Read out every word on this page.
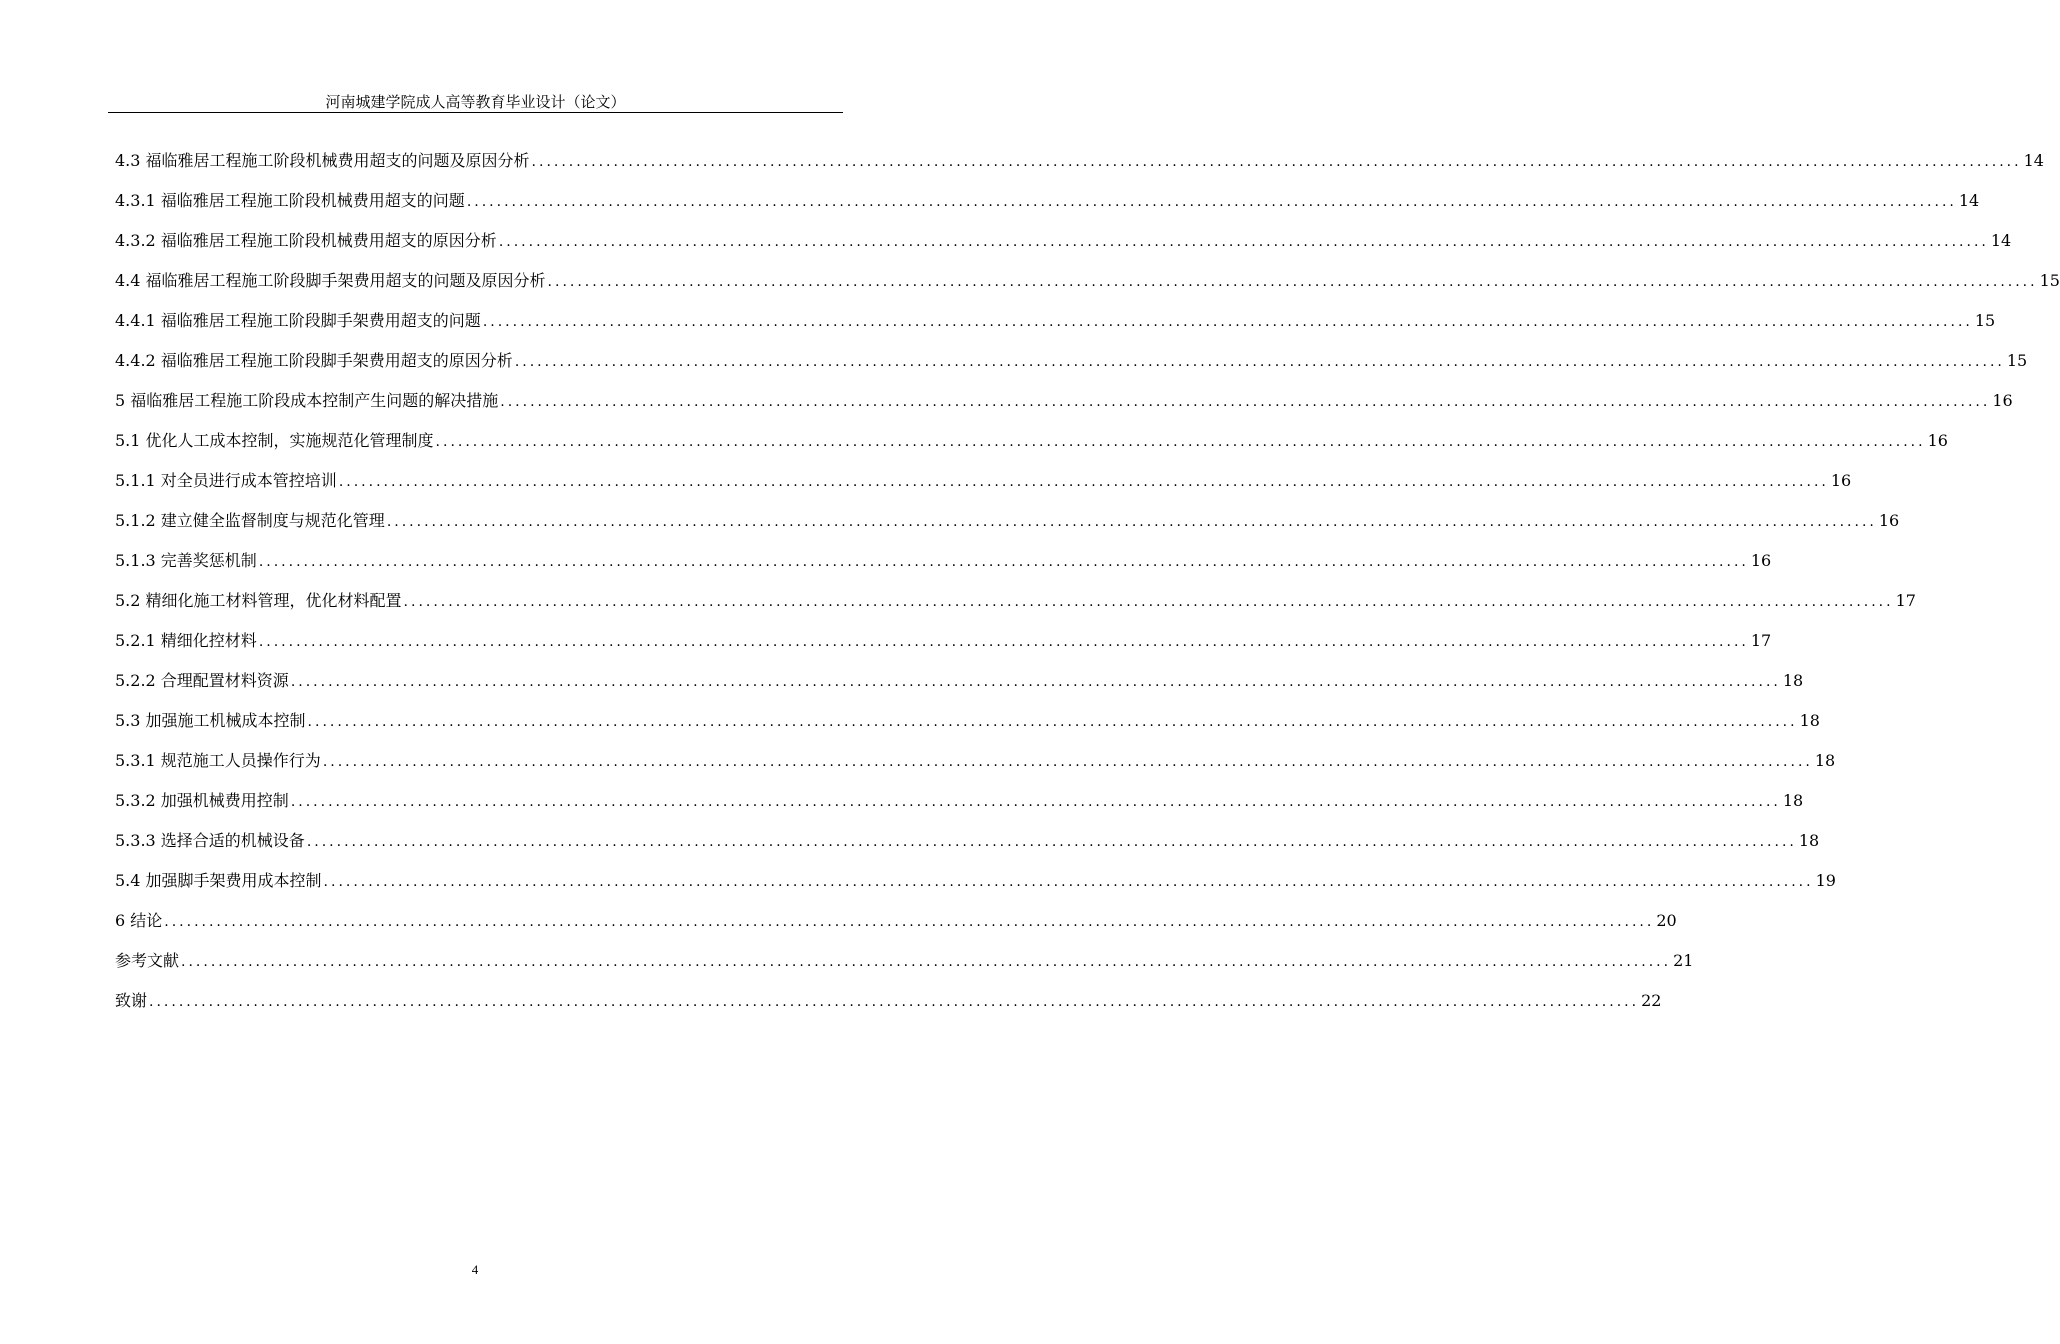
河南城建学院成人高等教育毕业设计（论文）
4.3 福临雅居工程施工阶段机械费用超支的问题及原因分析 ........................................................................................................................................................................................................ 14
4.3.1 福临雅居工程施工阶段机械费用超支的问题 ........................................................................................................................................................................................................ 14
4.3.2 福临雅居工程施工阶段机械费用超支的原因分析 ........................................................................................................................................................................................................ 14
4.4 福临雅居工程施工阶段脚手架费用超支的问题及原因分析 ........................................................................................................................................................................................................ 15
4.4.1 福临雅居工程施工阶段脚手架费用超支的问题 ........................................................................................................................................................................................................ 15
4.4.2 福临雅居工程施工阶段脚手架费用超支的原因分析 ........................................................................................................................................................................................................ 15
5 福临雅居工程施工阶段成本控制产生问题的解决措施 ........................................................................................................................................................................................................ 16
5.1 优化人工成本控制，实施规范化管理制度 ........................................................................................................................................................................................................ 16
5.1.1 对全员进行成本管控培训 ........................................................................................................................................................................................................ 16
5.1.2 建立健全监督制度与规范化管理 ........................................................................................................................................................................................................ 16
5.1.3 完善奖惩机制 ........................................................................................................................................................................................................ 16
5.2 精细化施工材料管理，优化材料配置 ........................................................................................................................................................................................................ 17
5.2.1 精细化控材料 ........................................................................................................................................................................................................ 17
5.2.2 合理配置材料资源 ........................................................................................................................................................................................................ 18
5.3 加强施工机械成本控制 ........................................................................................................................................................................................................ 18
5.3.1 规范施工人员操作行为 ........................................................................................................................................................................................................ 18
5.3.2 加强机械费用控制 ........................................................................................................................................................................................................ 18
5.3.3 选择合适的机械设备 ........................................................................................................................................................................................................ 18
5.4 加强脚手架费用成本控制 ........................................................................................................................................................................................................ 19
6 结论 ........................................................................................................................................................................................................ 20
参考文献 ........................................................................................................................................................................................................ 21
致谢 ........................................................................................................................................................................................................ 22
4
